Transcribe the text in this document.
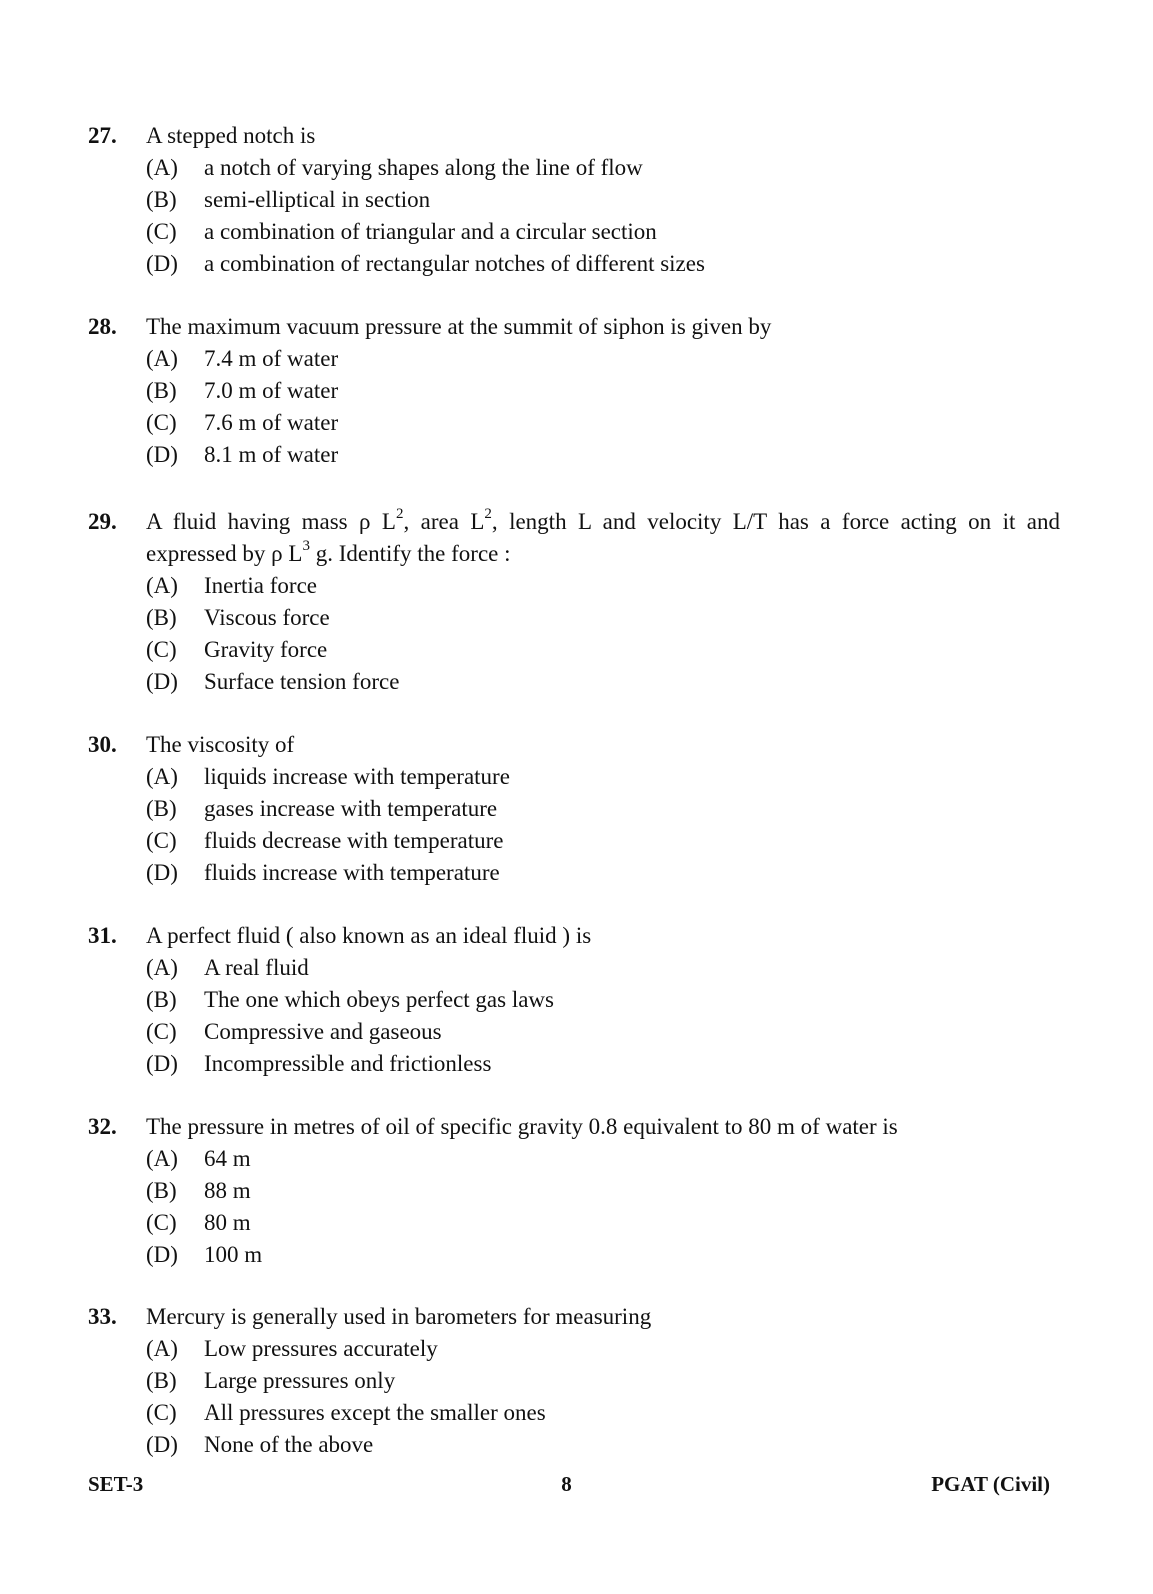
27. A stepped notch is
(A) a notch of varying shapes along the line of flow
(B) semi-elliptical in section
(C) a combination of triangular and a circular section
(D) a combination of rectangular notches of different sizes
28. The maximum vacuum pressure at the summit of siphon is given by
(A) 7.4 m of water
(B) 7.0 m of water
(C) 7.6 m of water
(D) 8.1 m of water
29. A fluid having mass ρ $L^2$, area $L^2$, length L and velocity L/T has a force acting on it and
expressed by ρ $L^3$ g. Identify the force :
(A) Inertia force
(B) Viscous force
(C) Gravity force
(D) Surface tension force
30. The viscosity of
(A) liquids increase with temperature
(B) gases increase with temperature
(C) fluids decrease with temperature
(D) fluids increase with temperature
31. A perfect fluid ( also known as an ideal fluid ) is
(A) A real fluid
(B) The one which obeys perfect gas laws
(C) Compressive and gaseous
(D) Incompressible and frictionless
32. The pressure in metres of oil of specific gravity 0.8 equivalent to 80 m of water is
(A) 64 m
(B) 88 m
(C) 80 m
(D) 100 m
33. Mercury is generally used in barometers for measuring
(A) Low pressures accurately
(B) Large pressures only
(C) All pressures except the smaller ones
(D) None of the above
SET-3	8	PGAT (Civil)
